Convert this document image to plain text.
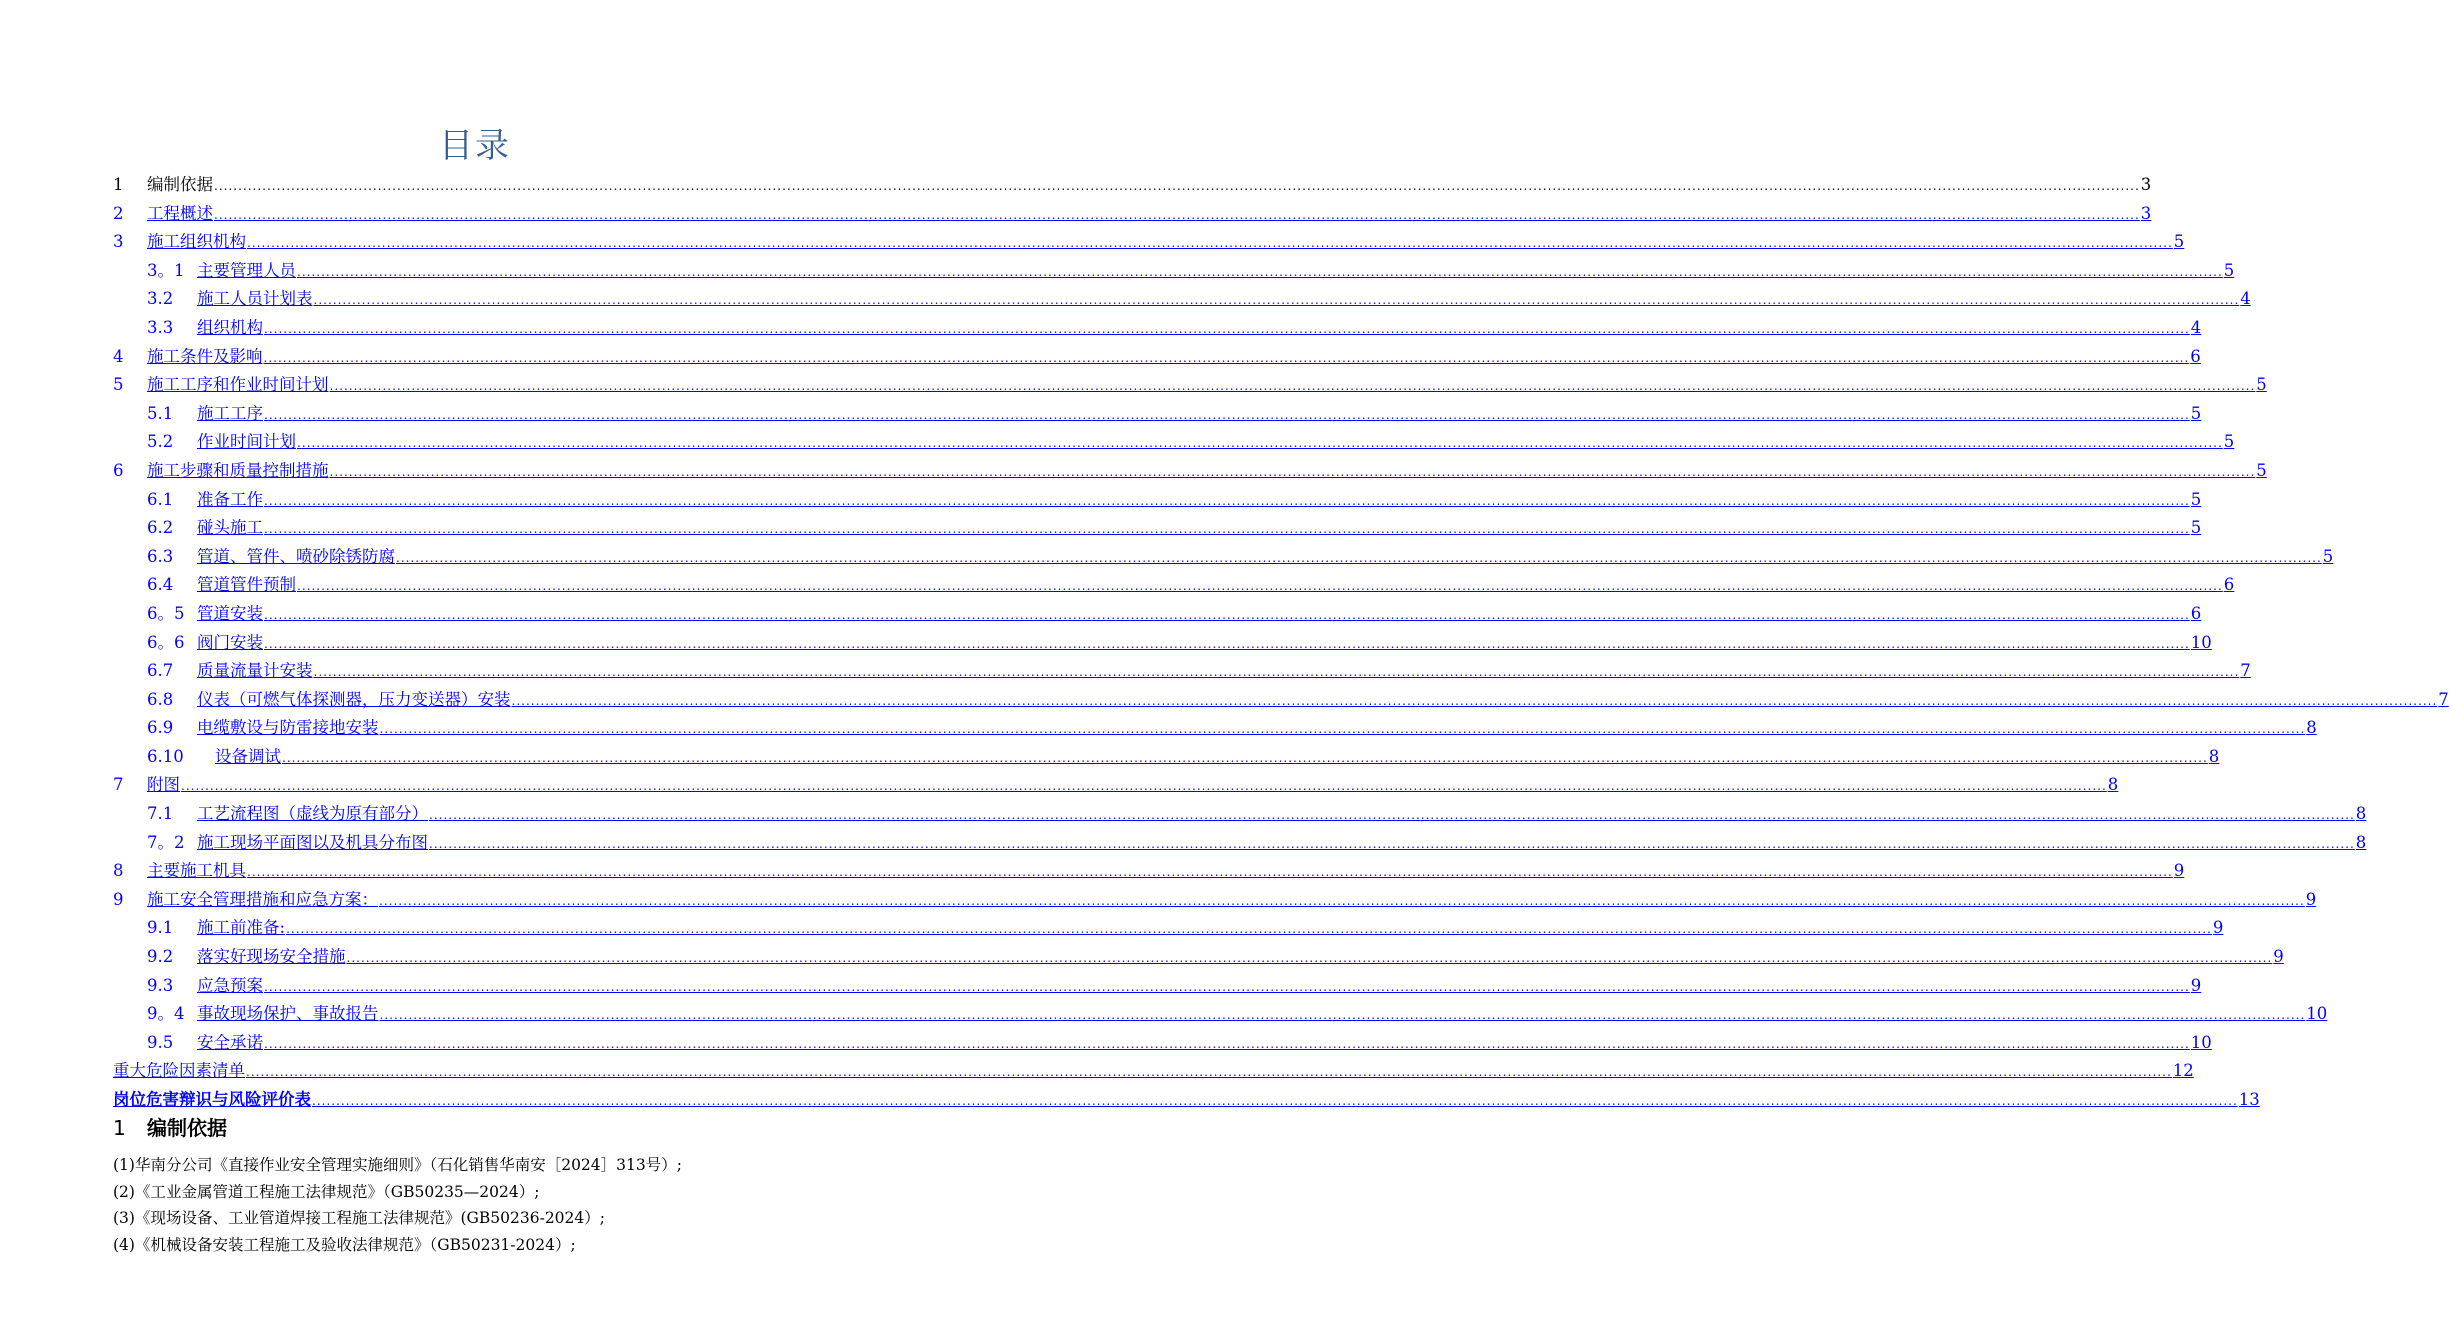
目录
1 编制依据 ................................................................................................................................................................................................................................................................................................................................................................................................................ 3
2 工程概述 ................................................................................................................................................................................................................................................................................................................................................................................................................ 3
3 施工组织机构 ................................................................................................................................................................................................................................................................................................................................................................................................................ 5
3。1 主要管理人员 ................................................................................................................................................................................................................................................................................................................................................................................................................ 5
3.2 施工人员计划表 ................................................................................................................................................................................................................................................................................................................................................................................................................ 4
3.3 组织机构 ................................................................................................................................................................................................................................................................................................................................................................................................................ 4
4 施工条件及影响 ................................................................................................................................................................................................................................................................................................................................................................................................................ 6
5 施工工序和作业时间计划 ................................................................................................................................................................................................................................................................................................................................................................................................................ 5
5.1 施工工序 ................................................................................................................................................................................................................................................................................................................................................................................................................ 5
5.2 作业时间计划 ................................................................................................................................................................................................................................................................................................................................................................................................................ 5
6 施工步骤和质量控制措施 ................................................................................................................................................................................................................................................................................................................................................................................................................ 5
6.1 准备工作 ................................................................................................................................................................................................................................................................................................................................................................................................................ 5
6.2 碰头施工 ................................................................................................................................................................................................................................................................................................................................................................................................................ 5
6.3 管道、管件、喷砂除锈防腐 ................................................................................................................................................................................................................................................................................................................................................................................................................ 5
6.4 管道管件预制 ................................................................................................................................................................................................................................................................................................................................................................................................................ 6
6。5 管道安装 ................................................................................................................................................................................................................................................................................................................................................................................................................ 6
6。6 阀门安装 ................................................................................................................................................................................................................................................................................................................................................................................................................ 10
6.7 质量流量计安装 ................................................................................................................................................................................................................................................................................................................................................................................................................ 7
6.8 仪表（可燃气体探测器，压力变送器）安装 ................................................................................................................................................................................................................................................................................................................................................................................................................ 7
6.9 电缆敷设与防雷接地安装 ................................................................................................................................................................................................................................................................................................................................................................................................................ 8
6.10 设备调试 ................................................................................................................................................................................................................................................................................................................................................................................................................ 8
7 附图 ................................................................................................................................................................................................................................................................................................................................................................................................................ 8
7.1 工艺流程图（虚线为原有部分） ................................................................................................................................................................................................................................................................................................................................................................................................................ 8
7。2 施工现场平面图以及机具分布图 ................................................................................................................................................................................................................................................................................................................................................................................................................ 8
8 主要施工机具 ................................................................................................................................................................................................................................................................................................................................................................................................................ 9
9 施工安全管理措施和应急方案： ................................................................................................................................................................................................................................................................................................................................................................................................................ 9
9.1 施工前准备: ................................................................................................................................................................................................................................................................................................................................................................................................................ 9
9.2 落实好现场安全措施 ................................................................................................................................................................................................................................................................................................................................................................................................................ 9
9.3 应急预案 ................................................................................................................................................................................................................................................................................................................................................................................................................ 9
9。4 事故现场保护、事故报告 ................................................................................................................................................................................................................................................................................................................................................................................................................ 10
9.5 安全承诺 ................................................................................................................................................................................................................................................................................................................................................................................................................ 10
重大危险因素清单 ................................................................................................................................................................................................................................................................................................................................................................................................................ 12
岗位危害辩识与风险评价表 ................................................................................................................................................................................................................................................................................................................................................................................................................ 13
1 编制依据
(1)华南分公司《直接作业安全管理实施细则》（石化销售华南安［2024］313号）;
(2)《工业金属管道工程施工法律规范》（GB50235—2024）;
(3)《现场设备、工业管道焊接工程施工法律规范》(GB50236-2024）;
(4)《机械设备安装工程施工及验收法律规范》（GB50231-2024）;
